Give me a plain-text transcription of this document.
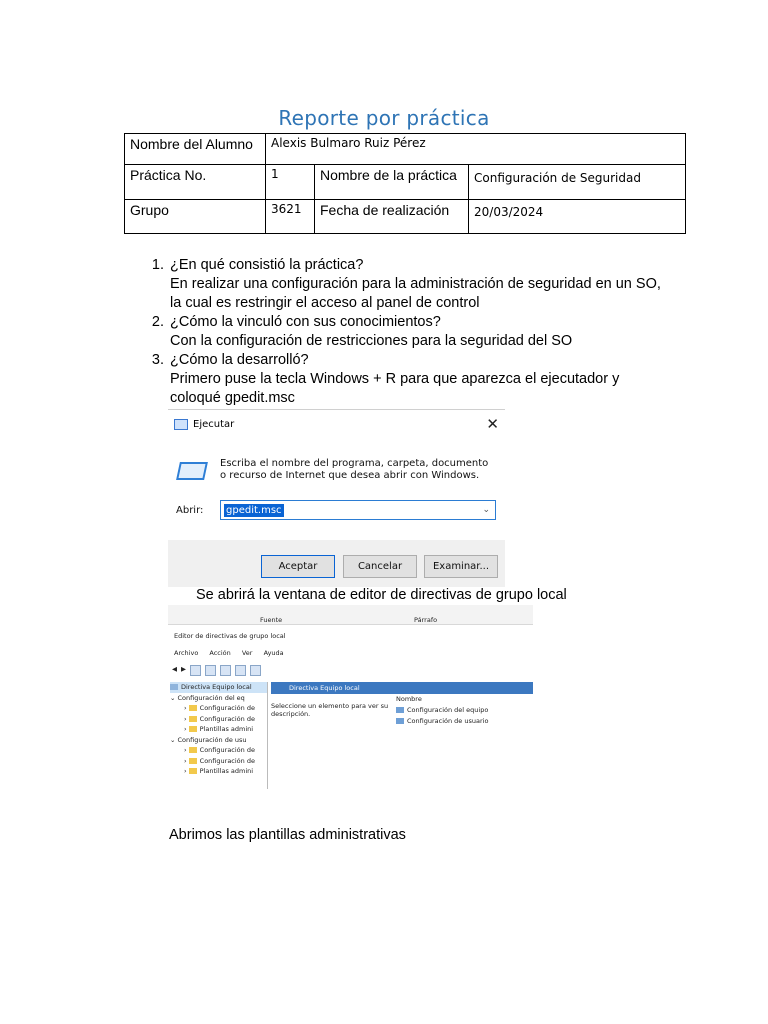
Reporte por práctica
Nombre del Alumno	Alexis Bulmaro Ruiz Pérez		
Práctica No.	1	Nombre de la práctica	Configuración de Seguridad
Grupo	3621	Fecha de realización	20/03/2024
1. ¿En qué consistió la práctica?
En realizar una configuración para la administración de seguridad en un SO, la cual es restringir el acceso al panel de control
2. ¿Cómo la vinculó con sus conocimientos?
Con la configuración de restricciones para la seguridad del SO
3. ¿Cómo la desarrolló?
Primero puse la tecla Windows + R para que aparezca el ejecutador y coloqué gpedit.msc
Ejecutar	✕
Escriba el nombre del programa, carpeta, documento o recurso de Internet que desea abrir con Windows.
Abrir: gpedit.msc	⌄
Aceptar	Cancelar	Examinar...
Se abrirá la ventana de editor de directivas de grupo local
Fuente	Párrafo
Editor de directivas de grupo local
Archivo Acción Ver Ayuda
◀ ▶
Directiva Equipo local
⌄ Configuración del eq
› Configuración de
› Configuración de
› Plantillas admini
⌄ Configuración de usu
› Configuración de
› Configuración de
› Plantillas admini
Directiva Equipo local
Seleccione un elemento para ver su descripción.
Nombre
Configuración del equipo
Configuración de usuario
Abrimos las plantillas administrativas
